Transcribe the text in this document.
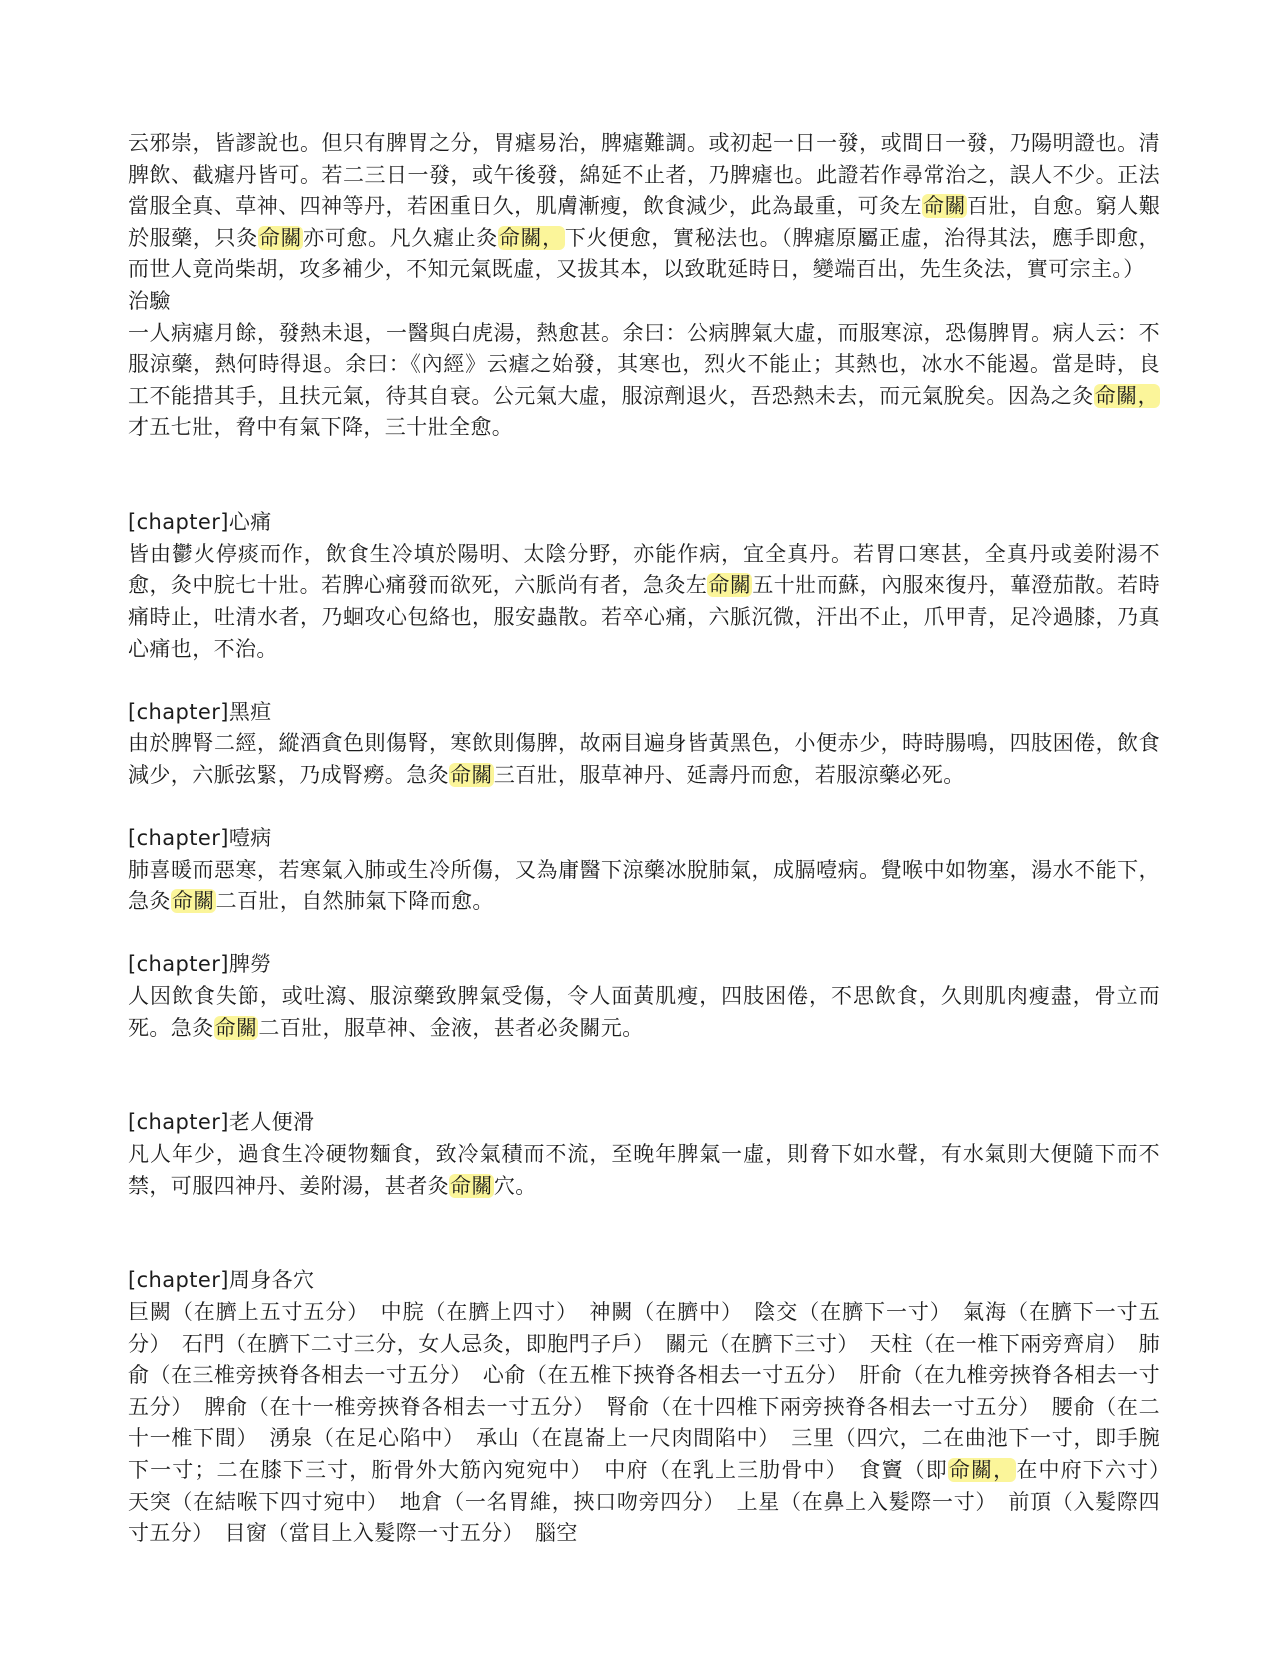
云邪崇，皆謬說也。但只有脾胃之分，胃瘧易治，脾瘧難調。或初起一日一發，或間日一發，乃陽明證也。清脾飲、截瘧丹皆可。若二三日一發，或午後發，綿延不止者，乃脾瘧也。此證若作尋常治之，誤人不少。正法當服全真、草神、四神等丹，若困重日久，肌膚漸瘦，飲食減少，此為最重，可灸左命關百壯，自愈。窮人艱於服藥，只灸命關亦可愈。凡久瘧止灸命關，下火便愈，實秘法也。（脾瘧原屬正虛，治得其法，應手即愈，而世人竟尚柴胡，攻多補少，不知元氣既虛，又拔其本，以致耽延時日，變端百出，先生灸法，實可宗主。）

治驗

一人病瘧月餘，發熱未退，一醫與白虎湯，熱愈甚。余曰：公病脾氣大虛，而服寒涼，恐傷脾胃。病人云：不服涼藥，熱何時得退。余曰：《內經》云瘧之始發，其寒也，烈火不能止；其熱也，冰水不能遏。當是時，良工不能措其手，且扶元氣，待其自衰。公元氣大虛，服涼劑退火，吾恐熱未去，而元氣脫矣。因為之灸命關，才五七壯，脅中有氣下降，三十壯全愈。

[chapter]心痛

皆由鬱火停痰而作，飲食生冷填於陽明、太陰分野，亦能作病，宜全真丹。若胃口寒甚，全真丹或姜附湯不愈，灸中脘七十壯。若脾心痛發而欲死，六脈尚有者，急灸左命關五十壯而蘇，內服來復丹，蓽澄茄散。若時痛時止，吐清水者，乃蛔攻心包絡也，服安蟲散。若卒心痛，六脈沉微，汗出不止，爪甲青，足冷過膝，乃真心痛也，不治。

[chapter]黑疸

由於脾腎二經，縱酒貪色則傷腎，寒飲則傷脾，故兩目遍身皆黃黑色，小便赤少，時時腸鳴，四肢困倦，飲食減少，六脈弦緊，乃成腎癆。急灸命關三百壯，服草神丹、延壽丹而愈，若服涼藥必死。

[chapter]噎病

肺喜暖而惡寒，若寒氣入肺或生冷所傷，又為庸醫下涼藥冰脫肺氣，成膈噎病。覺喉中如物塞，湯水不能下，急灸命關二百壯，自然肺氣下降而愈。

[chapter]脾勞

人因飲食失節，或吐瀉、服涼藥致脾氣受傷，令人面黃肌瘦，四肢困倦，不思飲食，久則肌肉瘦盡，骨立而死。急灸命關二百壯，服草神、金液，甚者必灸關元。

[chapter]老人便滑

凡人年少，過食生冷硬物麵食，致冷氣積而不流，至晚年脾氣一虛，則脅下如水聲，有水氣則大便隨下而不禁，可服四神丹、姜附湯，甚者灸命關穴。

[chapter]周身各穴

巨闕（在臍上五寸五分）　中脘（在臍上四寸）　神闕（在臍中）　陰交（在臍下一寸）　氣海（在臍下一寸五分）　石門（在臍下二寸三分，女人忌灸，即胞門子戶）　關元（在臍下三寸）　天柱（在一椎下兩旁齊肩）　肺俞（在三椎旁挾脊各相去一寸五分）　心俞（在五椎下挾脊各相去一寸五分）　肝俞（在九椎旁挾脊各相去一寸五分）　脾俞（在十一椎旁挾脊各相去一寸五分）　腎俞（在十四椎下兩旁挾脊各相去一寸五分）　腰俞（在二十一椎下間）　湧泉（在足心陷中）　承山（在崑崙上一尺肉間陷中）　三里（四穴，二在曲池下一寸，即手腕下一寸；二在膝下三寸，胻骨外大筋內宛宛中）　中府（在乳上三肋骨中）　食竇（即命關，在中府下六寸）　天突（在結喉下四寸宛中）　地倉（一名胃維，挾口吻旁四分）　上星（在鼻上入髮際一寸）　前頂（入髮際四寸五分）　目窗（當目上入髮際一寸五分）　腦空
